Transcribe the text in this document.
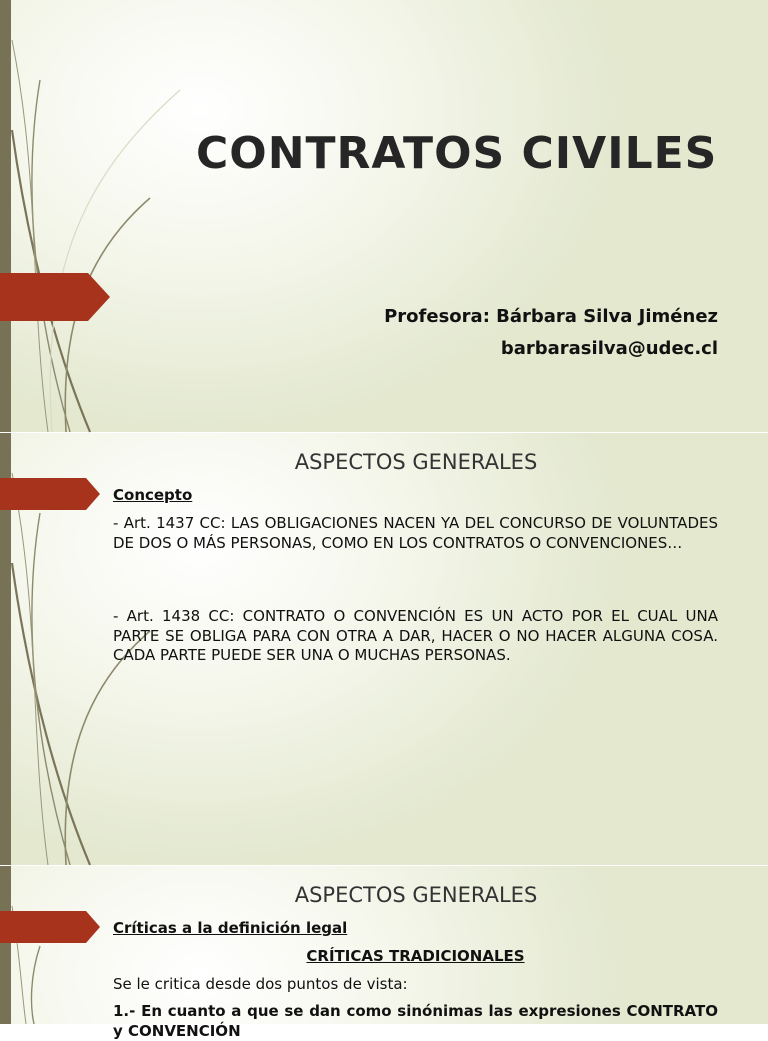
CONTRATOS CIVILES
Profesora: Bárbara Silva Jiménez
barbarasilva@udec.cl
ASPECTOS GENERALES
Concepto
- Art. 1437 CC: LAS OBLIGACIONES NACEN YA DEL CONCURSO DE VOLUNTADES DE DOS O MÁS PERSONAS, COMO EN LOS CONTRATOS O CONVENCIONES…
- Art. 1438 CC: CONTRATO O CONVENCIÓN ES UN ACTO POR EL CUAL UNA PARTE SE OBLIGA PARA CON OTRA A DAR, HACER O NO HACER ALGUNA COSA. CADA PARTE PUEDE SER UNA O MUCHAS PERSONAS.
ASPECTOS GENERALES
Críticas a la definición legal
CRÍTICAS TRADICIONALES
Se le critica desde dos puntos de vista:
1.- En cuanto a que se dan como sinónimas las expresiones CONTRATO y CONVENCIÓN
